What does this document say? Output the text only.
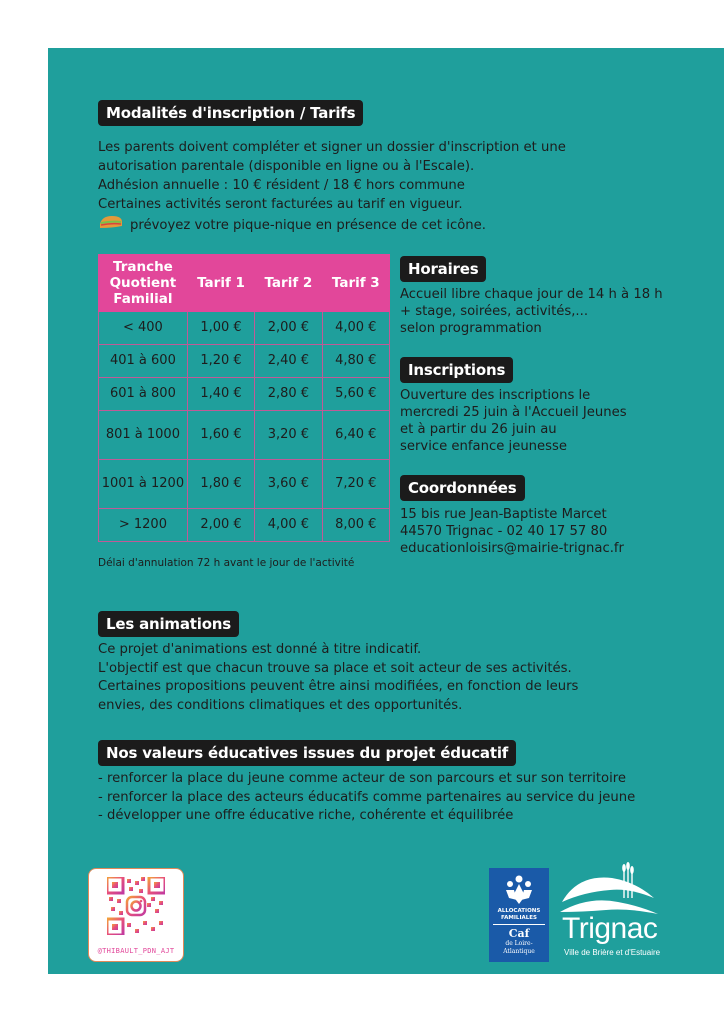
Modalités d'inscription / Tarifs

Les parents doivent compléter et signer un dossier d'inscription et une

autorisation parentale (disponible en ligne ou à l'Escale).

Adhésion annuelle : 10 € résident / 18 € hors commune

Certaines activités seront facturées au tarif en vigueur.

prévoyez votre pique-nique en présence de cet icône.

Tranche Quotient Familial	Tarif 1	Tarif 2	Tarif 3
< 400	1,00 €	2,00 €	4,00 €
401 à 600	1,20 €	2,40 €	4,80 €
601 à 800	1,40 €	2,80 €	5,60 €
801 à 1000	1,60 €	3,20 €	6,40 €
1001 à 1200	1,80 €	3,60 €	7,20 €
> 1200	2,00 €	4,00 €	8,00 €
Délai d'annulation 72 h avant le jour de l'activité
Horaires

Accueil libre chaque jour de 14 h à 18 h

+ stage, soirées, activités,...

selon programmation

Inscriptions

Ouverture des inscriptions le

mercredi 25 juin à l'Accueil Jeunes

et à partir du 26 juin au

service enfance jeunesse

Coordonnées

15 bis rue Jean-Baptiste Marcet

44570 Trignac - 02 40 17 57 80

educationloisirs@mairie-trignac.fr

Les animations

Ce projet d'animations est donné à titre indicatif.

L'objectif est que chacun trouve sa place et soit acteur de ses activités.

Certaines propositions peuvent être ainsi modifiées, en fonction de leurs

envies, des conditions climatiques et des opportunités.

Nos valeurs éducatives issues du projet éducatif

- renforcer la place du jeune comme acteur de son parcours et sur son territoire

- renforcer la place des acteurs éducatifs comme partenaires au service du jeune

- développer une offre éducative riche, cohérente et équilibrée

@THIBAULT_PDN_AJT
ALLOCATIONS
FAMILIALES
Caf
de Loire-
Atlantique
Trignac
Ville de Brière et d'Estuaire
